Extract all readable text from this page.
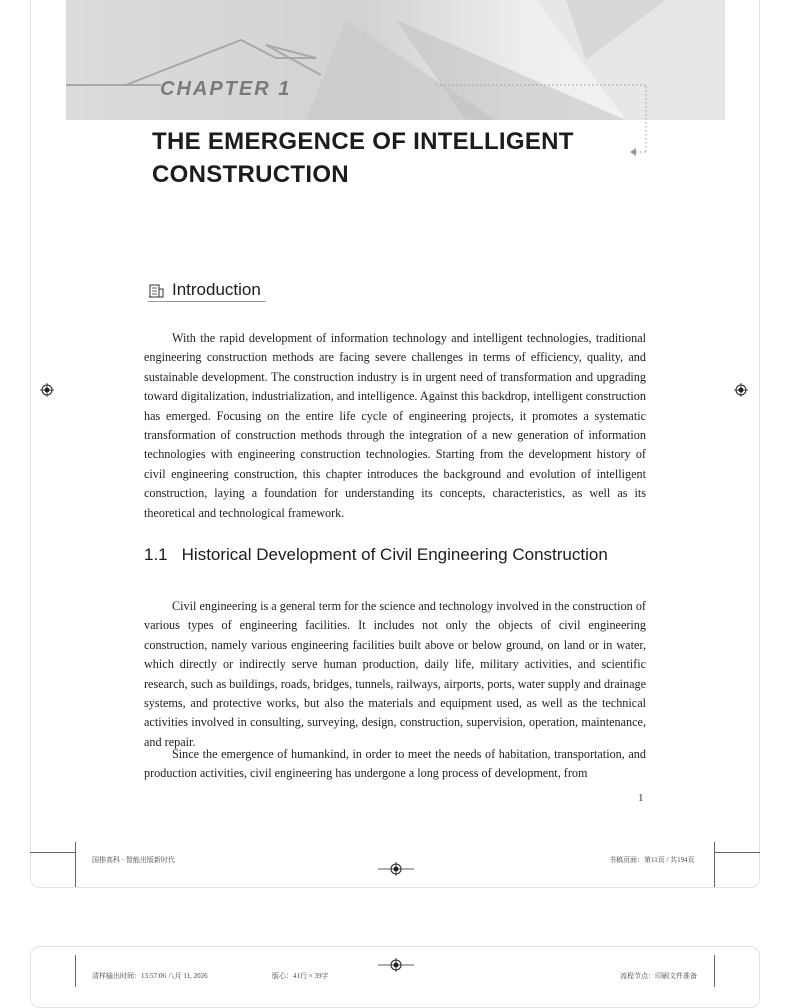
CHAPTER 1
THE EMERGENCE OF INTELLIGENT CONSTRUCTION
Introduction

With the rapid development of information technology and intelligent technologies, traditional engineering construction methods are facing severe challenges in terms of efficiency, quality, and sustainable development. The construction industry is in urgent need of transformation and upgrading toward digitalization, industrialization, and intelligence. Against this backdrop, intelligent construction has emerged. Focusing on the entire life cycle of engineering projects, it promotes a systematic transformation of construction methods through the integration of a new generation of information technologies with engineering construction technologies. Starting from the development history of civil engineering construction, this chapter introduces the background and evolution of intelligent construction, laying a foundation for understanding its concepts, characteristics, as well as its theoretical and technological framework.

1.1 Historical Development of Civil Engineering Construction

Civil engineering is a general term for the science and technology involved in the construction of various types of engineering facilities. It includes not only the objects of civil engineering construction, namely various engineering facilities built above or below ground, on land or in water, which directly or indirectly serve human production, daily life, military activities, and scientific research, such as buildings, roads, bridges, tunnels, railways, airports, ports, water supply and drainage systems, and protective works, but also the materials and equipment used, as well as the technical activities involved in consulting, surveying, design, construction, supervision, operation, maintenance, and repair.

Since the emergence of humankind, in order to meet the needs of habitation, transportation, and production activities, civil engineering has undergone a long process of development, from

1
国排高科 · 智能出版新时代	书稿页面：第11页 / 共194页
清样输出时间：13:57:06 八月 11, 2026	版心：41行 × 39字	流程节点：印刷文件准备
